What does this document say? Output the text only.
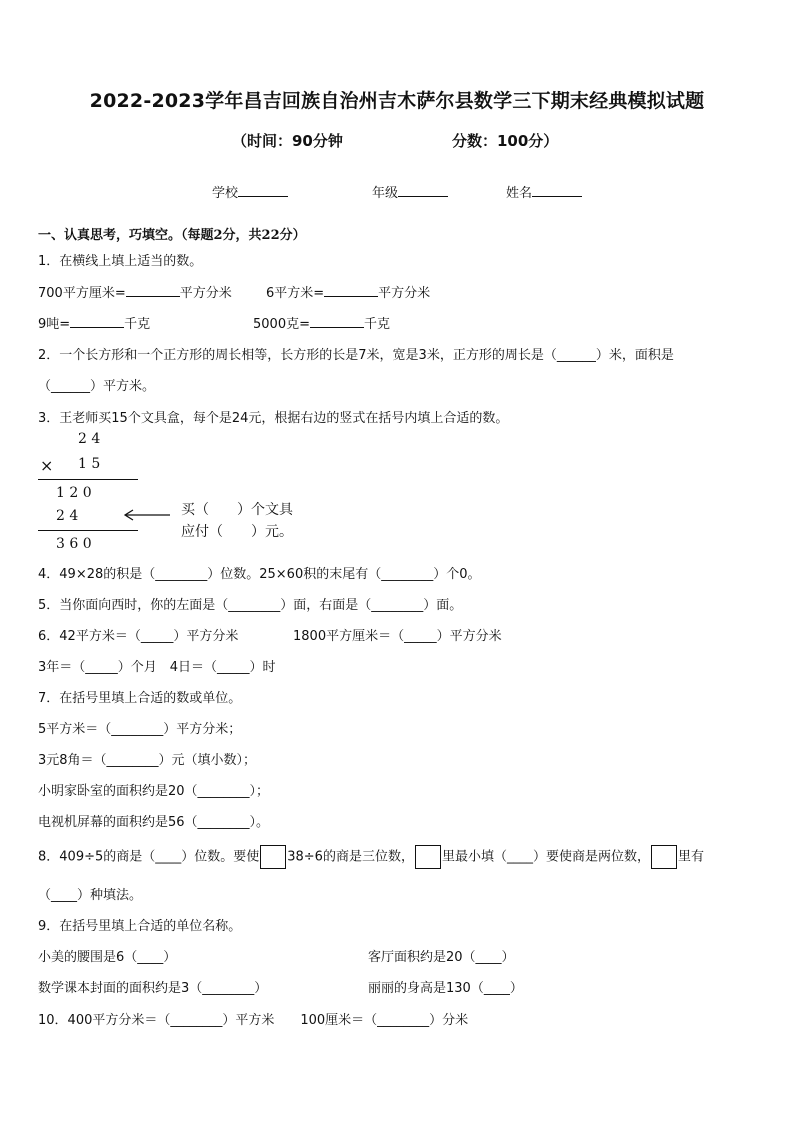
2022-2023学年昌吉回族自治州吉木萨尔县数学三下期末经典模拟试题
（时间：90分钟	分数：100分）
学校	年级	姓名
一、认真思考，巧填空。（每题2分，共22分）
1．在横线上填上适当的数。
700平方厘米=	平方分米	6平方米=	平方分米
9吨=	千克	5000克=	千克
2．一个长方形和一个正方形的周长相等，长方形的长是7米，宽是3米，正方形的周长是（______）米，面积是
（______）平方米。
3．王老师买15个文具盒，每个是24元，根据右边的竖式在括号内填上合适的数。
2 4
× 1 5
1 2 0
2 4
3 6 0
买（　　）个文具
应付（　　）元。
4．49×28的积是（________）位数。25×60积的末尾有（________）个0。
5．当你面向西时，你的左面是（________）面，右面是（________）面。
6．42平方米＝（_____）平方分米	1800平方厘米＝（_____）平方分米
3年＝（_____）个月　4日＝（_____）时
7．在括号里填上合适的数或单位。
5平方米＝（________）平方分米；
3元8角＝（________）元（填小数）；
小明家卧室的面积约是20（________）；
电视机屏幕的面积约是56（________）。
8．409÷5的商是（____）位数。要使 38÷6的商是三位数， 里最小填（____）要使商是两位数， 里有
（____）种填法。
9．在括号里填上合适的单位名称。
小美的腰围是6（____）	客厅面积约是20（____）
数学课本封面的面积约是3（________）	丽丽的身高是130（____）
10．400平方分米＝（________）平方米　　100厘米＝（________）分米
